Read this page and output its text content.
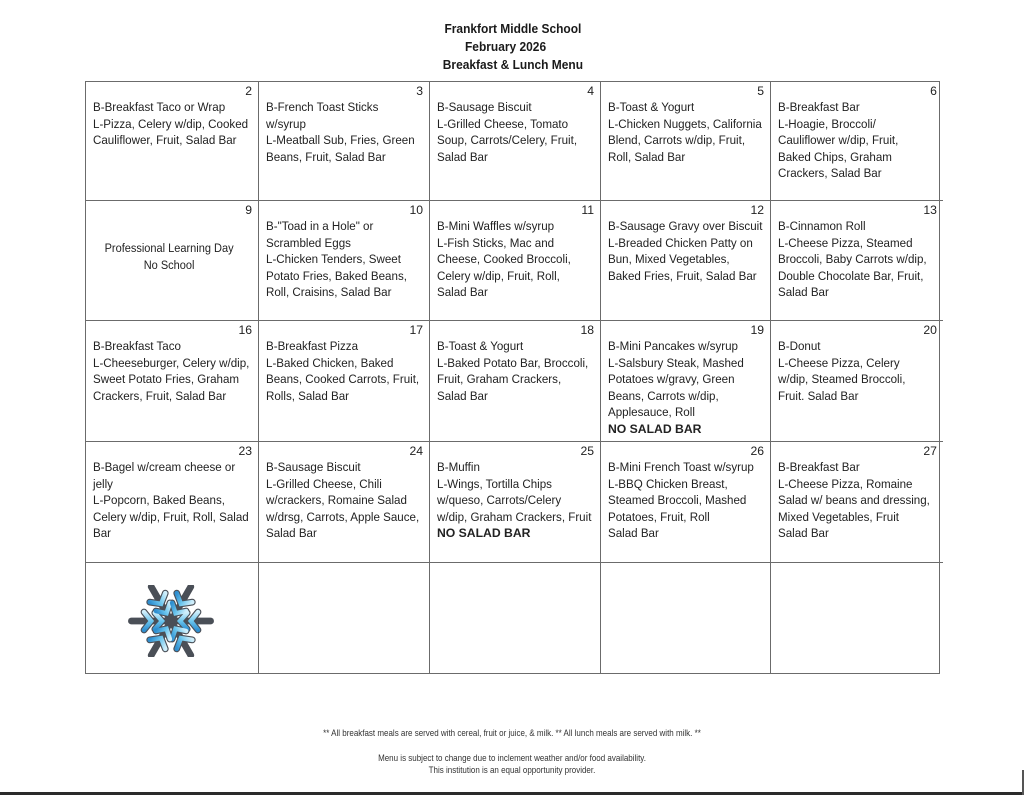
Frankfort Middle School
February 2026
Breakfast & Lunch Menu
2
B-Breakfast Taco or Wrap
L-Pizza, Celery w/dip, Cooked
Cauliflower, Fruit, Salad Bar
3
B-French Toast Sticks
w/syrup
L-Meatball Sub, Fries, Green
Beans, Fruit, Salad Bar
4
B-Sausage Biscuit
L-Grilled Cheese, Tomato
Soup, Carrots/Celery, Fruit,
Salad Bar
5
B-Toast & Yogurt
L-Chicken Nuggets, California
Blend, Carrots w/dip, Fruit,
Roll, Salad Bar
6
B-Breakfast Bar
L-Hoagie, Broccoli/
Cauliflower w/dip, Fruit,
Baked Chips, Graham
Crackers, Salad Bar
9
Professional Learning Day
No School
10
B-"Toad in a Hole" or
Scrambled Eggs
L-Chicken Tenders, Sweet
Potato Fries, Baked Beans,
Roll, Craisins, Salad Bar
11
B-Mini Waffles w/syrup
L-Fish Sticks, Mac and
Cheese, Cooked Broccoli,
Celery w/dip, Fruit, Roll,
Salad Bar
12
B-Sausage Gravy over Biscuit
L-Breaded Chicken Patty on
Bun, Mixed Vegetables,
Baked Fries, Fruit, Salad Bar
13
B-Cinnamon Roll
L-Cheese Pizza, Steamed
Broccoli, Baby Carrots w/dip,
Double Chocolate Bar, Fruit,
Salad Bar
16
B-Breakfast Taco
L-Cheeseburger, Celery w/dip,
Sweet Potato Fries, Graham
Crackers, Fruit, Salad Bar
17
B-Breakfast Pizza
L-Baked Chicken, Baked
Beans, Cooked Carrots, Fruit,
Rolls, Salad Bar
18
B-Toast & Yogurt
L-Baked Potato Bar, Broccoli,
Fruit, Graham Crackers,
Salad Bar
19
B-Mini Pancakes w/syrup
L-Salsbury Steak, Mashed
Potatoes w/gravy, Green
Beans, Carrots w/dip,
Applesauce, Roll
NO SALAD BAR
20
B-Donut
L-Cheese Pizza, Celery
w/dip, Steamed Broccoli,
Fruit. Salad Bar
23
B-Bagel w/cream cheese or
jelly
L-Popcorn, Baked Beans,
Celery w/dip, Fruit, Roll, Salad
Bar
24
B-Sausage Biscuit
L-Grilled Cheese, Chili
w/crackers, Romaine Salad
w/drsg, Carrots, Apple Sauce,
Salad Bar
25
B-Muffin
L-Wings, Tortilla Chips
w/queso, Carrots/Celery
w/dip, Graham Crackers, Fruit
NO SALAD BAR
26
B-Mini French Toast w/syrup
L-BBQ Chicken Breast,
Steamed Broccoli, Mashed
Potatoes, Fruit, Roll
Salad Bar
27
B-Breakfast Bar
L-Cheese Pizza, Romaine
Salad w/ beans and dressing,
Mixed Vegetables, Fruit
Salad Bar
** All breakfast meals are served with cereal, fruit or juice, & milk. ** All lunch meals are served with milk. **
Menu is subject to change due to inclement weather and/or food availability.
This institution is an equal opportunity provider.
